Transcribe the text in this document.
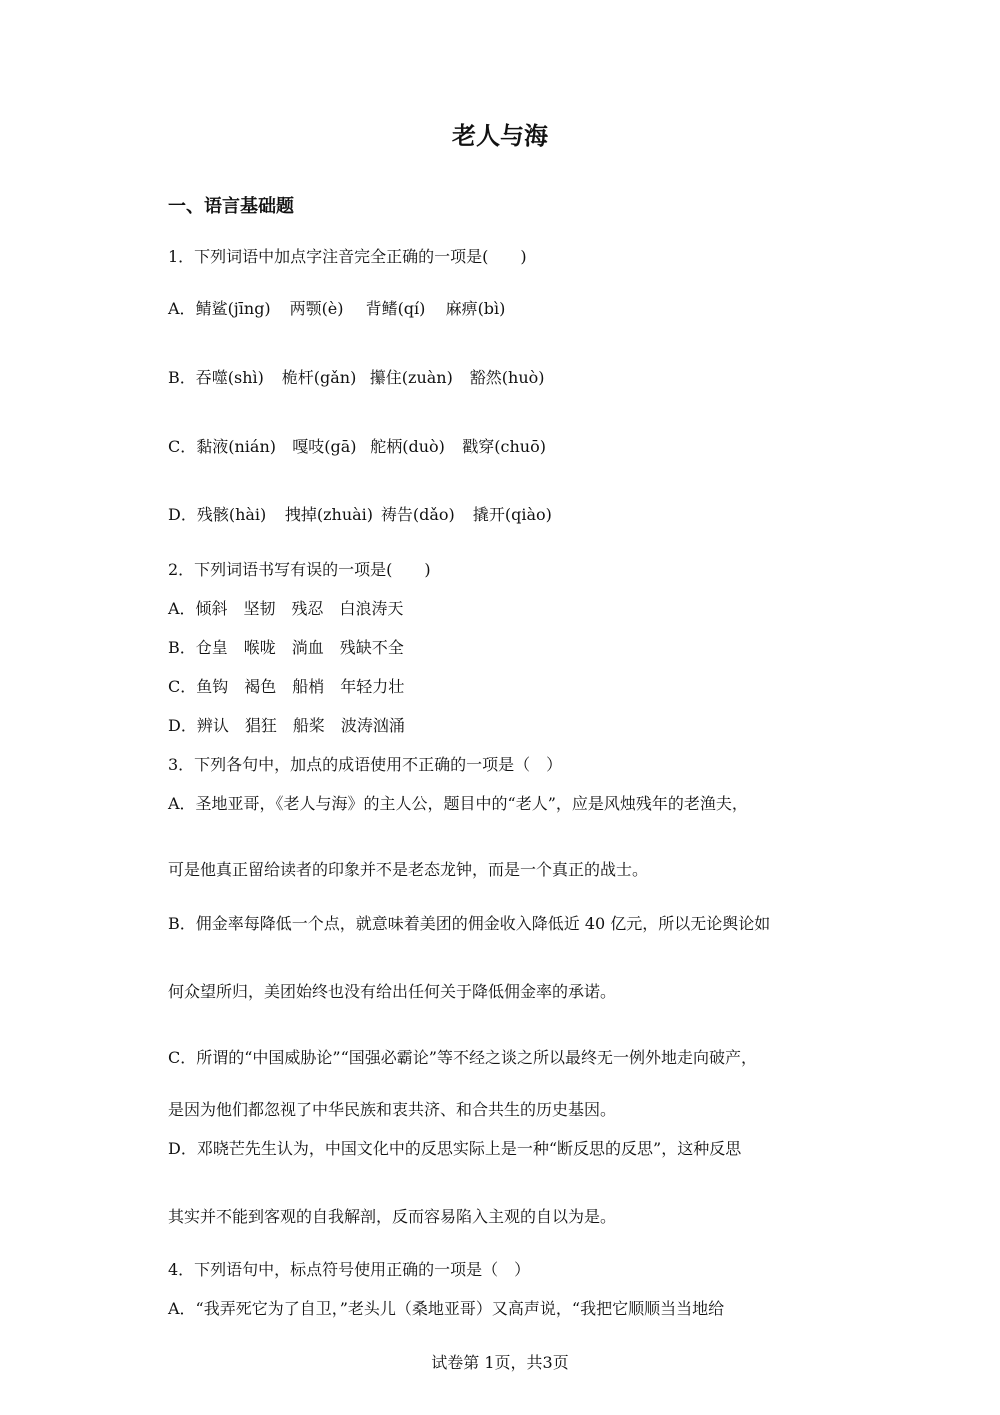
老人与海
一、语言基础题
1．下列词语中加点字注音完全正确的一项是(　　)
A．鲭鲨(jīng) 两颚(è) 背鳍(qí) 麻痹(bì)
B．吞噬(shì) 桅杆(gǎn) 攥住(zuàn) 豁然(huò)
C．黏液(nián) 嘎吱(gā) 舵柄(duò) 戳穿(chuō)
D．残骸(hài) 拽掉(zhuài) 祷告(dǎo) 撬开(qiào)
2．下列词语书写有误的一项是(　　)
A．倾斜　坚韧　残忍　白浪涛天
B．仓皇　喉咙　淌血　残缺不全
C．鱼钩　褐色　船梢　年轻力壮
D．辨认　猖狂　船桨　波涛汹涌
3．下列各句中，加点的成语使用不正确的一项是（　）
A．圣地亚哥，《老人与海》的主人公，题目中的“老人”，应是风烛残年的老渔夫，
可是他真正留给读者的印象并不是老态龙钟，而是一个真正的战士。
B．佣金率每降低一个点，就意味着美团的佣金收入降低近 40 亿元，所以无论舆论如
何众望所归，美团始终也没有给出任何关于降低佣金率的承诺。
C．所谓的“中国威胁论”“国强必霸论”等不经之谈之所以最终无一例外地走向破产，
是因为他们都忽视了中华民族和衷共济、和合共生的历史基因。
D．邓晓芒先生认为，中国文化中的反思实际上是一种“断反思的反思”，这种反思
其实并不能到客观的自我解剖，反而容易陷入主观的自以为是。
4．下列语句中，标点符号使用正确的一项是（　）
A．“我弄死它为了自卫，”老头儿（桑地亚哥）又高声说，“我把它顺顺当当地给
试卷第 1页，共3页
